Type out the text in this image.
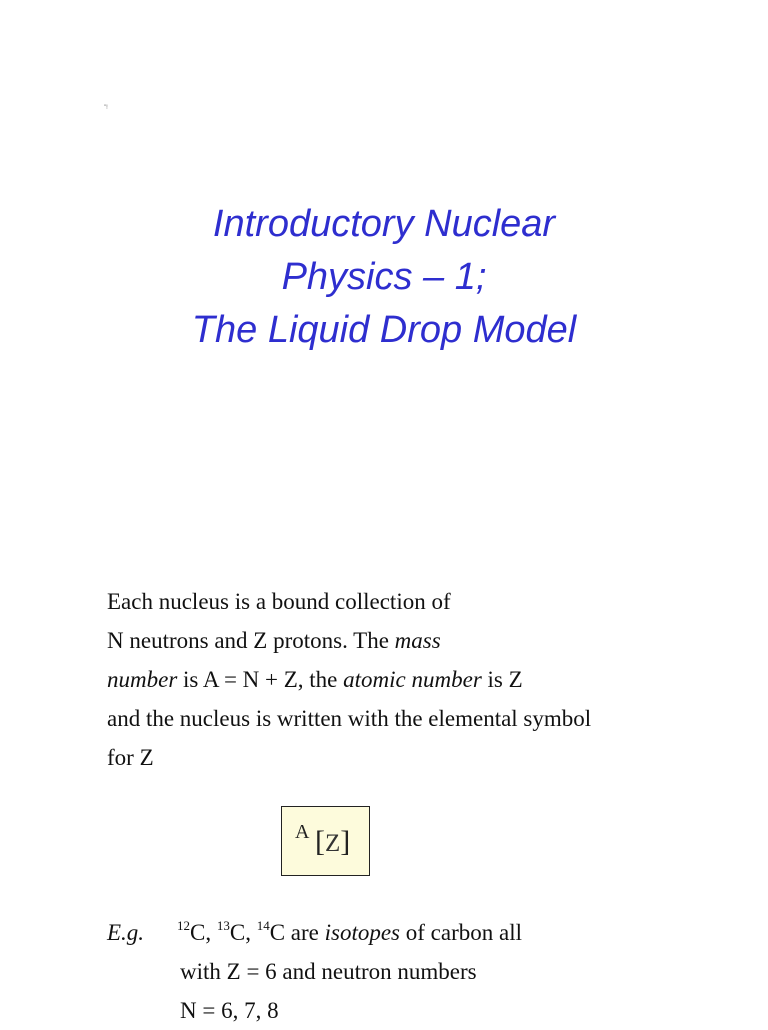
"!
Introductory Nuclear
Physics – 1;
The Liquid Drop Model
Each nucleus is a bound collection of
N neutrons and Z protons. The mass
number is A = N + Z, the atomic number is Z
and the nucleus is written with the elemental symbol
for Z
A [Z]
E.g.	$^{12}$C, $^{13}$C, $^{14}$C are isotopes of carbon all
with Z = 6 and neutron numbers
N = 6, 7, 8
